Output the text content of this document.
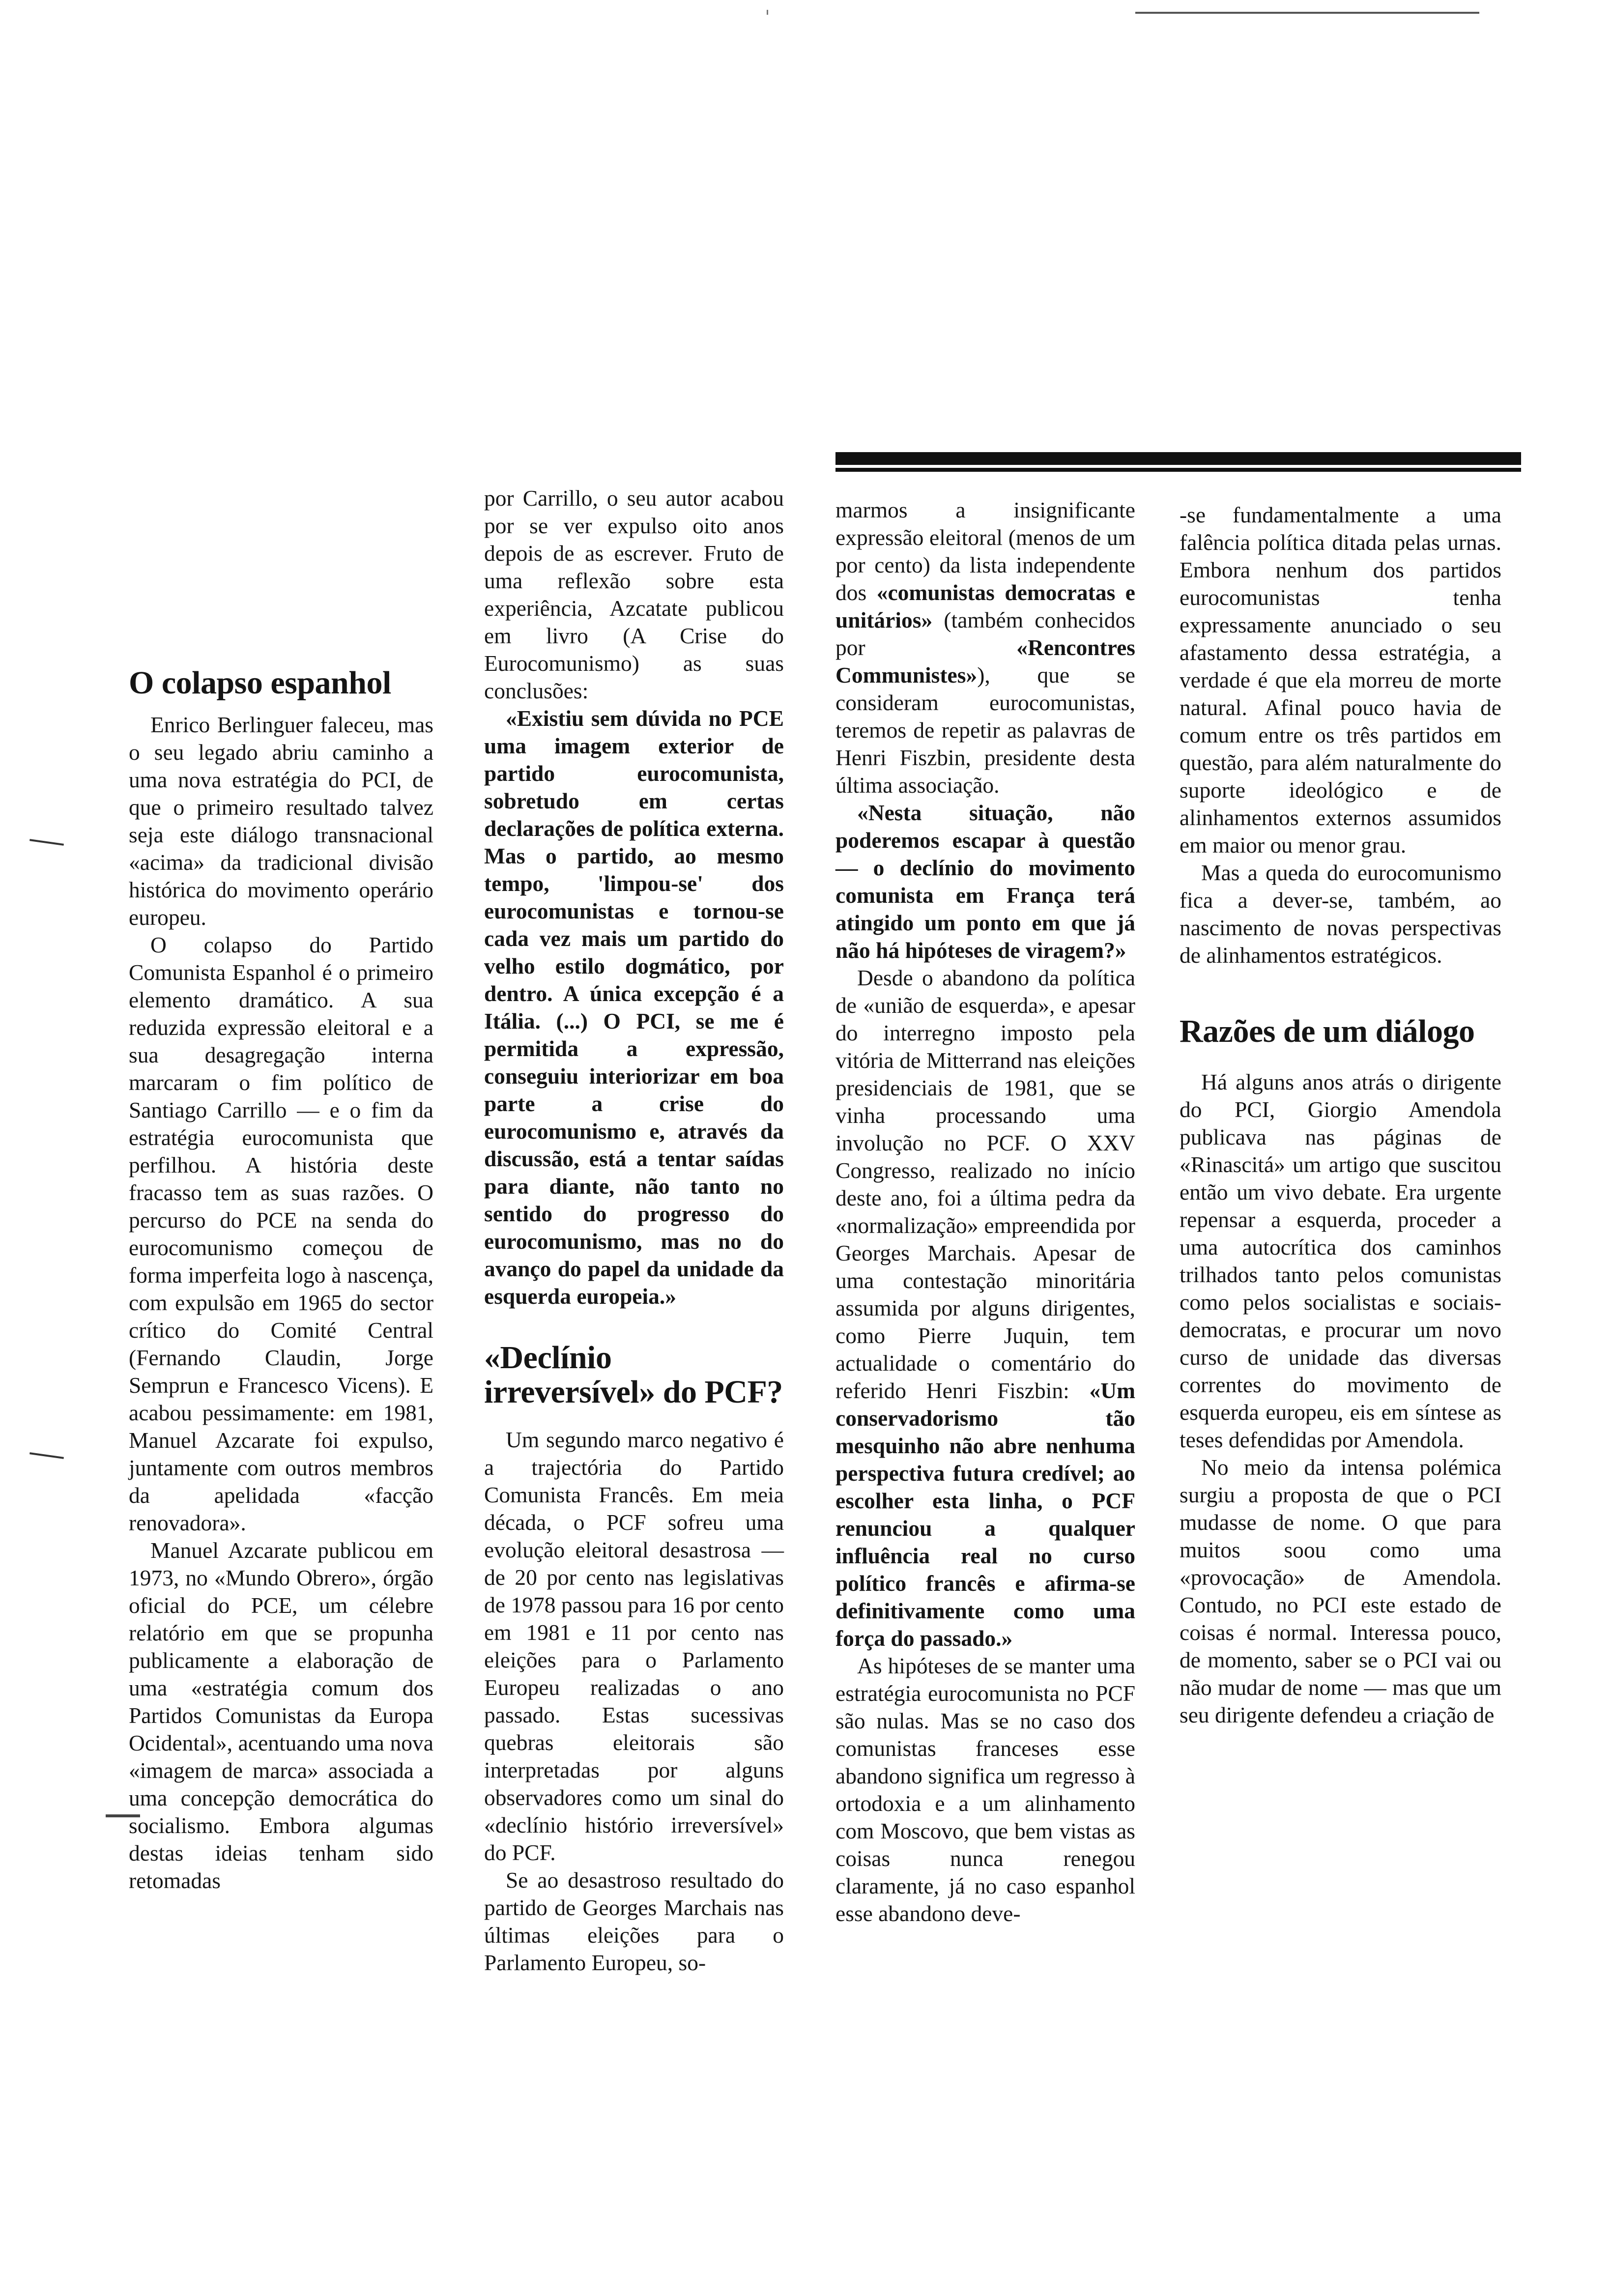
O colapso espanhol

Enrico Berlinguer faleceu, mas o seu legado abriu caminho a uma nova estratégia do PCI, de que o primeiro resultado talvez seja este diálogo transnacional «acima» da tradicional divisão histórica do movimento operário europeu.

O colapso do Partido Comunista Espanhol é o primeiro elemento dramático. A sua reduzida expressão eleitoral e a sua desagregação interna marcaram o fim político de Santiago Carrillo — e o fim da estratégia eurocomunista que perfilhou. A história deste fracasso tem as suas razões. O percurso do PCE na senda do eurocomunismo começou de forma imperfeita logo à nascença, com expulsão em 1965 do sector crítico do Comité Central (Fernando Claudin, Jorge Semprun e Francesco Vicens). E acabou pessimamente: em 1981, Manuel Azcarate foi expulso, juntamente com outros membros da apelidada «facção renovadora».

Manuel Azcarate publicou em 1973, no «Mundo Obrero», órgão oficial do PCE, um célebre relatório em que se propunha publicamente a elaboração de uma «estratégia comum dos Partidos Comunistas da Europa Ocidental», acentuando uma nova «imagem de marca» associada a uma concepção democrática do socialismo. Embora algumas destas ideias tenham sido retomadas

por Carrillo, o seu autor acabou por se ver expulso oito anos depois de as escrever. Fruto de uma reflexão sobre esta experiência, Azcatate publicou em livro (A Crise do Eurocomunismo) as suas conclusões:

«Existiu sem dúvida no PCE uma imagem exterior de partido eurocomunista, sobretudo em certas declarações de política externa. Mas o partido, ao mesmo tempo, 'limpou-se' dos eurocomunistas e tornou-se cada vez mais um partido do velho estilo dogmático, por dentro. A única excepção é a Itália. (...) O PCI, se me é permitida a expressão, conseguiu interiorizar em boa parte a crise do eurocomunismo e, através da discussão, está a tentar saídas para diante, não tanto no sentido do progresso do eurocomunismo, mas no do avanço do papel da unidade da esquerda europeia.»

«Declínio irreversível» do PCF?

Um segundo marco negativo é a trajectória do Partido Comunista Francês. Em meia década, o PCF sofreu uma evolução eleitoral desastrosa — de 20 por cento nas legislativas de 1978 passou para 16 por cento em 1981 e 11 por cento nas eleições para o Parlamento Europeu realizadas o ano passado. Estas sucessivas quebras eleitorais são interpretadas por alguns observadores como um sinal do «declínio histório irreversível» do PCF.

Se ao desastroso resultado do partido de Georges Marchais nas últimas eleições para o Parlamento Europeu, so-

marmos a insignificante expressão eleitoral (menos de um por cento) da lista independente dos «comunistas democratas e unitários» (também conhecidos por «Rencontres Communistes»), que se consideram eurocomunistas, teremos de repetir as palavras de Henri Fiszbin, presidente desta última associação.

«Nesta situação, não poderemos escapar à questão — o declínio do movimento comunista em França terá atingido um ponto em que já não há hipóteses de viragem?»

Desde o abandono da política de «união de esquerda», e apesar do interregno imposto pela vitória de Mitterrand nas eleições presidenciais de 1981, que se vinha processando uma involução no PCF. O XXV Congresso, realizado no início deste ano, foi a última pedra da «normalização» empreendida por Georges Marchais. Apesar de uma contestação minoritária assumida por alguns dirigentes, como Pierre Juquin, tem actualidade o comentário do referido Henri Fiszbin: «Um conservadorismo tão mesquinho não abre nenhuma perspectiva futura credível; ao escolher esta linha, o PCF renunciou a qualquer influência real no curso político francês e afirma-se definitivamente como uma força do passado.»

As hipóteses de se manter uma estratégia eurocomunista no PCF são nulas. Mas se no caso dos comunistas franceses esse abandono significa um regresso à ortodoxia e a um alinhamento com Moscovo, que bem vistas as coisas nunca renegou claramente, já no caso espanhol esse abandono deve-

-se fundamentalmente a uma falência política ditada pelas urnas. Embora nenhum dos partidos eurocomunistas tenha expressamente anunciado o seu afastamento dessa estratégia, a verdade é que ela morreu de morte natural. Afinal pouco havia de comum entre os três partidos em questão, para além naturalmente do suporte ideológico e de alinhamentos externos assumidos em maior ou menor grau.

Mas a queda do eurocomunismo fica a dever-se, também, ao nascimento de novas perspectivas de alinhamentos estratégicos.

Razões de um diálogo

Há alguns anos atrás o dirigente do PCI, Giorgio Amendola publicava nas páginas de «Rinascitá» um artigo que suscitou então um vivo debate. Era urgente repensar a esquerda, proceder a uma autocrítica dos caminhos trilhados tanto pelos comunistas como pelos socialistas e sociais-democratas, e procurar um novo curso de unidade das diversas correntes do movimento de esquerda europeu, eis em síntese as teses defendidas por Amendola.

No meio da intensa polémica surgiu a proposta de que o PCI mudasse de nome. O que para muitos soou como uma «provocação» de Amendola. Contudo, no PCI este estado de coisas é normal. Interessa pouco, de momento, saber se o PCI vai ou não mudar de nome — mas que um seu dirigente defendeu a criação de
